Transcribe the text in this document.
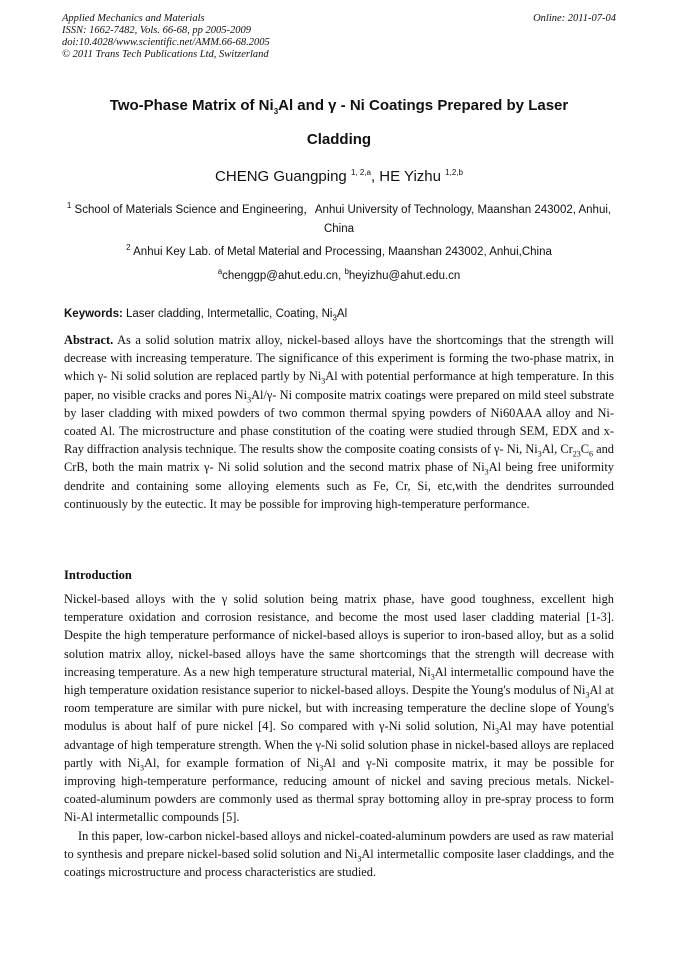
Applied Mechanics and Materials
ISSN: 1662-7482, Vols. 66-68, pp 2005-2009
doi:10.4028/www.scientific.net/AMM.66-68.2005
© 2011 Trans Tech Publications Ltd, Switzerland
Online: 2011-07-04
Two-Phase Matrix of $Ni_3Al$ and γ - Ni Coatings Prepared by Laser
Cladding
CHENG Guangping $^{1, 2,a}$, HE Yizhu $^{1,2,b}$
$^1$ School of Materials Science and Engineering，Anhui University of Technology, Maanshan 243002, Anhui, China
$^2$ Anhui Key Lab. of Metal Material and Processing, Maanshan 243002, Anhui,China
$^a$chenggp@ahut.edu.cn, $^b$heyizhu@ahut.edu.cn
Keywords: Laser cladding, Intermetallic, Coating, $Ni_3Al$
Abstract. As a solid solution matrix alloy, nickel-based alloys have the shortcomings that the strength will decrease with increasing temperature. The significance of this experiment is forming the two-phase matrix, in which γ- Ni solid solution are replaced partly by $Ni_3Al$ with potential performance at high temperature. In this paper, no visible cracks and pores $Ni_3Al/\gamma-$ Ni composite matrix coatings were prepared on mild steel substrate by laser cladding with mixed powders of two common thermal spying powders of Ni60AAA alloy and Ni-coated Al. The microstructure and phase constitution of the coating were studied through SEM, EDX and x-Ray diffraction analysis technique. The results show the composite coating consists of γ- Ni, $Ni_3Al$, $Cr_{23}C_6$ and CrB, both the main matrix γ- Ni solid solution and the second matrix phase of $Ni_3Al$ being free uniformity dendrite and containing some alloying elements such as Fe, Cr, Si, etc,with the dendrites surrounded continuously by the eutectic. It may be possible for improving high-temperature performance.
Introduction

Nickel-based alloys with the γ solid solution being matrix phase, have good toughness, excellent high temperature oxidation and corrosion resistance, and become the most used laser cladding material [1-3]. Despite the high temperature performance of nickel-based alloys is superior to iron-based alloy, but as a solid solution matrix alloy, nickel-based alloys have the same shortcomings that the strength will decrease with increasing temperature. As a new high temperature structural material, $Ni_3Al$ intermetallic compound have the high temperature oxidation resistance superior to nickel-based alloys. Despite the Young's modulus of $Ni_3Al$ at room temperature are similar with pure nickel, but with increasing temperature the decline slope of Young's modulus is about half of pure nickel [4]. So compared with γ-Ni solid solution, $Ni_3Al$ may have potential advantage of high temperature strength. When the γ-Ni solid solution phase in nickel-based alloys are replaced partly with $Ni_3Al$, for example formation of $Ni_3Al$ and γ-Ni composite matrix, it may be possible for improving high-temperature performance, reducing amount of nickel and saving precious metals. Nickel-coated-aluminum powders are commonly used as thermal spray bottoming alloy in pre-spray process to form Ni-Al intermetallic compounds [5].

In this paper, low-carbon nickel-based alloys and nickel-coated-aluminum powders are used as raw material to synthesis and prepare nickel-based solid solution and $Ni_3Al$ intermetallic composite laser claddings, and the coatings microstructure and process characteristics are studied.
